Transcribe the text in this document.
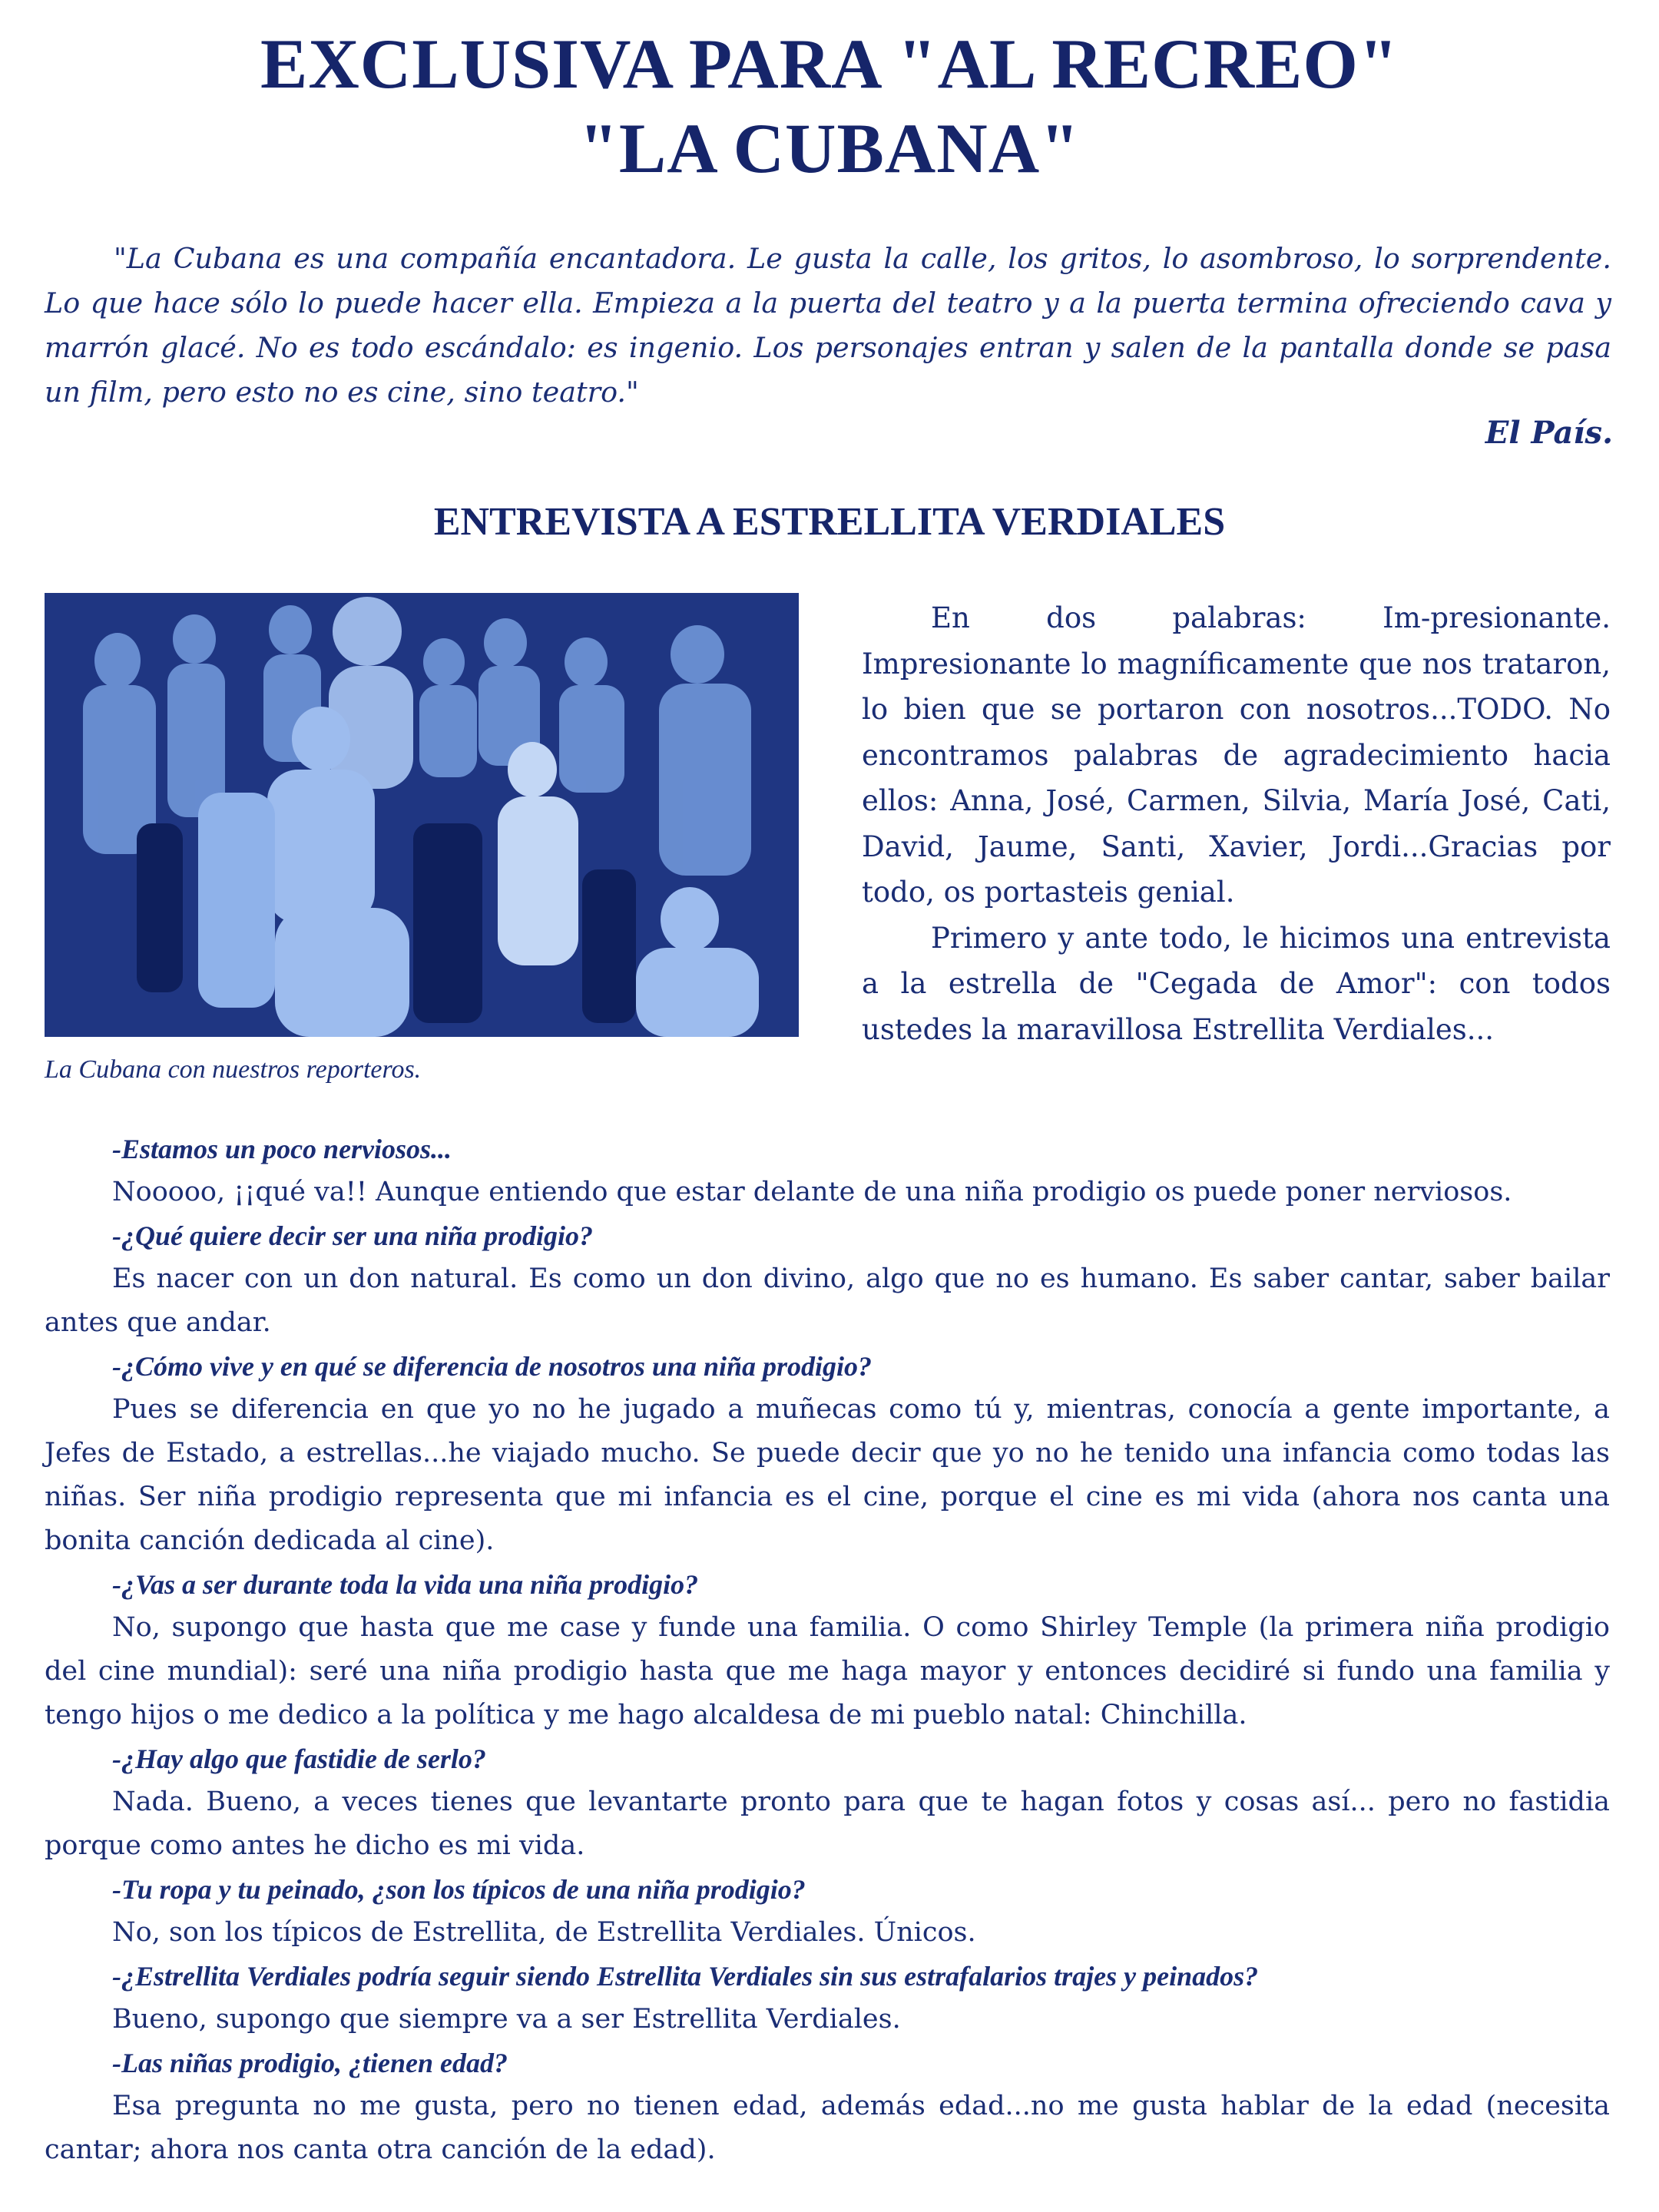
EXCLUSIVA PARA "AL RECREO"
"LA CUBANA"

"La Cubana es una compañía encantadora. Le gusta la calle, los gritos, lo asombroso, lo sorprendente. Lo que hace sólo lo puede hacer ella. Empieza a la puerta del teatro y a la puerta termina ofreciendo cava y marrón glacé. No es todo escándalo: es ingenio. Los personajes entran y salen de la pantalla donde se pasa un film, pero esto no es cine, sino teatro."

El País.
ENTREVISTA A ESTRELLITA VERDIALES
La Cubana con nuestros reporteros.

En dos palabras: Im-presionante. Impresionante lo magníficamente que nos trataron, lo bien que se portaron con nosotros...TODO. No encontramos palabras de agradecimiento hacia ellos: Anna, José, Carmen, Silvia, María José, Cati, David, Jaume, Santi, Xavier, Jordi...Gracias por todo, os portasteis genial.

Primero y ante todo, le hicimos una entrevista a la estrella de "Cegada de Amor": con todos ustedes la maravillosa Estrellita Verdiales...

-Estamos un poco nerviosos...

Nooooo, ¡¡qué va!! Aunque entiendo que estar delante de una niña prodigio os puede poner nerviosos.

-¿Qué quiere decir ser una niña prodigio?

Es nacer con un don natural. Es como un don divino, algo que no es humano. Es saber cantar, saber bailar antes que andar.

-¿Cómo vive y en qué se diferencia de nosotros una niña prodigio?

Pues se diferencia en que yo no he jugado a muñecas como tú y, mientras, conocía a gente importante, a Jefes de Estado, a estrellas...he viajado mucho. Se puede decir que yo no he tenido una infancia como todas las niñas. Ser niña prodigio representa que mi infancia es el cine, porque el cine es mi vida (ahora nos canta una bonita canción dedicada al cine).

-¿Vas a ser durante toda la vida una niña prodigio?

No, supongo que hasta que me case y funde una familia. O como Shirley Temple (la primera niña prodigio del cine mundial): seré una niña prodigio hasta que me haga mayor y entonces decidiré si fundo una familia y tengo hijos o me dedico a la política y me hago alcaldesa de mi pueblo natal: Chinchilla.

-¿Hay algo que fastidie de serlo?

Nada. Bueno, a veces tienes que levantarte pronto para que te hagan fotos y cosas así... pero no fastidia porque como antes he dicho es mi vida.

-Tu ropa y tu peinado, ¿son los típicos de una niña prodigio?

No, son los típicos de Estrellita, de Estrellita Verdiales. Únicos.

-¿Estrellita Verdiales podría seguir siendo Estrellita Verdiales sin sus estrafalarios trajes y peinados?

Bueno, supongo que siempre va a ser Estrellita Verdiales.

-Las niñas prodigio, ¿tienen edad?

Esa pregunta no me gusta, pero no tienen edad, además edad...no me gusta hablar de la edad (necesita cantar; ahora nos canta otra canción de la edad).
